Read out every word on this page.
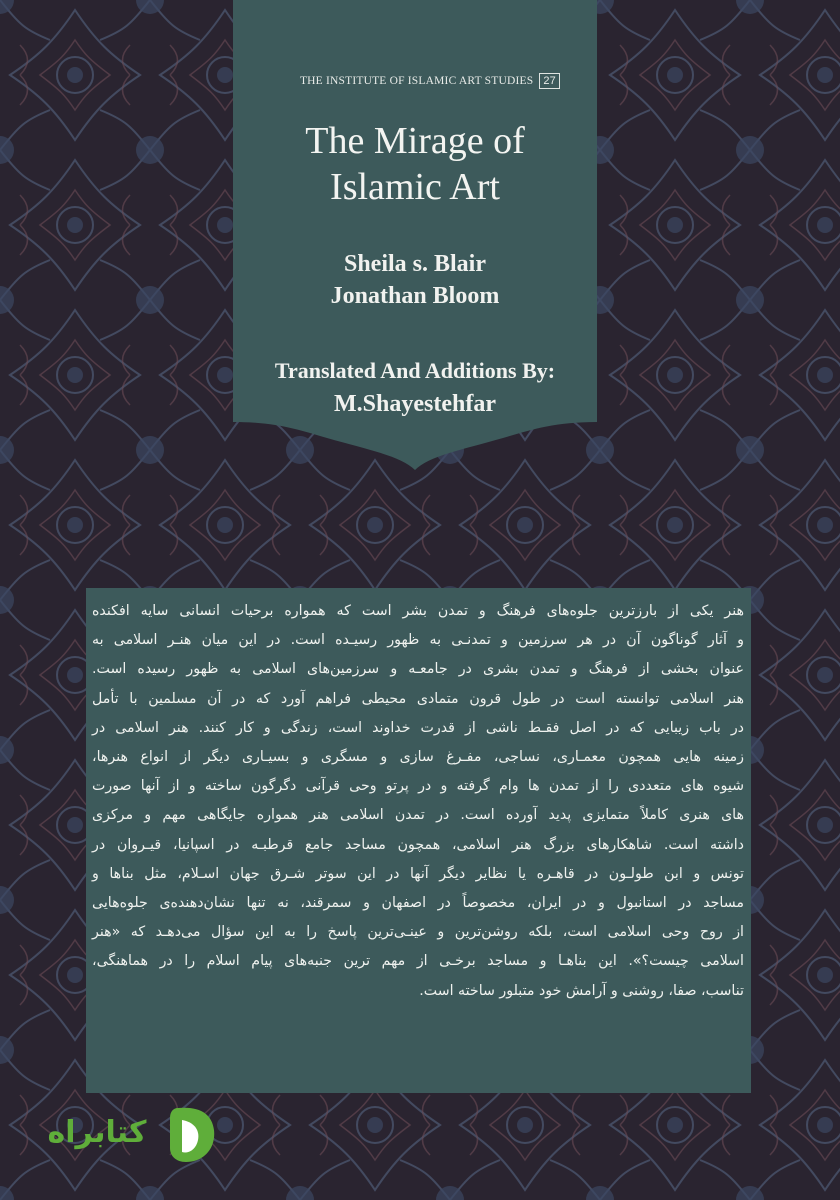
THE INSTITUTE OF ISLAMIC ART STUDIES 27
The Mirage of
Islamic Art
Sheila s. Blair
Jonathan Bloom
Translated And Additions By:
M.Shayestehfar
هنر یکی از بارزترین جلوه‌های فرهنگ و تمدن بشر است که همواره برحیات انسانی سایه افکنده
و آثار گوناگون آن در هر سرزمین و تمدنـی به ظهور رسیـده است. در این میان هنـر اسلامی به
عنوان بخشی از فرهنگ و تمدن بشری در جامعـه و سرزمین‌های اسلامی به ظهور رسیده است.
هنر اسلامی توانسته است در طول قرون متمادی محیطی فراهم آورد که در آن مسلمین با تأمل
در باب زیبایی که در اصل فقـط ناشی از قدرت خداوند است، زندگی و کار کنند. هنر اسلامی در
زمینه هایی همچون معمـاری، نساجی، مفـرغ سازی و مسگری و بسیـاری دیگر از انواع هنرها،
شیوه های متعددی را از تمدن ها وام گرفته و در پرتو وحی قرآنی دگرگون ساخته و از آنها صورت
های هنری کاملاً متمایزی پدید آورده است. در تمدن اسلامی هنر همواره جایگاهی مهم و مرکزی
داشته است. شاهکارهای بزرگ هنر اسلامی، همچون مساجد جامع قرطبـه در اسپانیا، قیـروان در
تونس و ابن طولـون در قاهـره یا نظایر دیگر آنها در این سوتر شـرق جهان اسـلام، مثل بناها و
مساجد در استانبول و در ایران، مخصوصاً در اصفهان و سمرقند، نه تنها نشان‌دهنده‌ی جلوه‌هایی
از روح وحی اسلامی است، بلکه روشن‌ترین و عینـی‌ترین پاسخ را به این سؤال می‌دهـد که «هنر
اسلامی چیست؟». این بناهـا و مساجد برخـی از مهم ترین جنبه‌های پیام اسلام را در هماهنگی،
تناسب، صفا، روشنی و آرامش خود متبلور ساخته است.
کتابراه
